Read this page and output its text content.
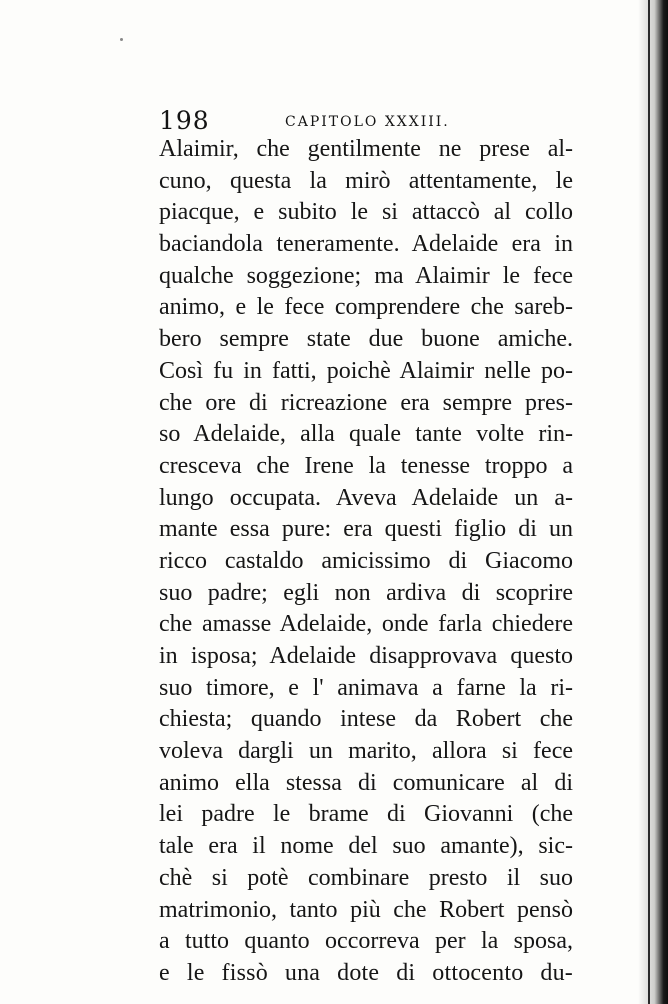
198	CAPITOLO XXXIII.
Alaimir, che gentilmente ne prese al-
cuno, questa la mirò attentamente, le
piacque, e subito le si attaccò al collo
baciandola teneramente. Adelaide era in
qualche soggezione; ma Alaimir le fece
animo, e le fece comprendere che sareb-
bero sempre state due buone amiche.
Così fu in fatti, poichè Alaimir nelle po-
che ore di ricreazione era sempre pres-
so Adelaide, alla quale tante volte rin-
cresceva che Irene la tenesse troppo a
lungo occupata. Aveva Adelaide un a-
mante essa pure: era questi figlio di un
ricco castaldo amicissimo di Giacomo
suo padre; egli non ardiva di scoprire
che amasse Adelaide, onde farla chiedere
in isposa; Adelaide disapprovava questo
suo timore, e l' animava a farne la ri-
chiesta; quando intese da Robert che
voleva dargli un marito, allora si fece
animo ella stessa di comunicare al di
lei padre le brame di Giovanni (che
tale era il nome del suo amante), sic-
chè si potè combinare presto il suo
matrimonio, tanto più che Robert pensò
a tutto quanto occorreva per la sposa,
e le fissò una dote di ottocento du-
